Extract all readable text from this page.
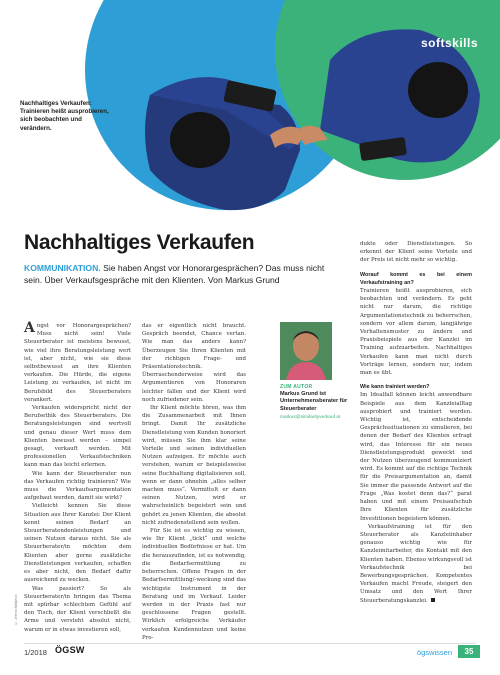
softskills
Nachhaltiges Verkaufen: Trainieren heißt ausprobieren, sich beobachten und verändern.
Nachhaltiges Verkaufen
KOMMUNIKATION. Sie haben Angst vor Honorargesprächen? Das muss nicht sein. Über Verkaufsgespräche mit den Klienten. Von Markus Grund

Angst vor Honorargesprächen? Muss nicht sein! Viele Steuerberater ist meistens bewusst, wie viel ihre Beratungsleistung wert ist, aber nicht, wie sie diese selbstbewusst an ihre Klienten verkaufen. Die Hürde, die eigene Leistung zu verkaufen, ist nicht im Berufsbild des Steuerberaters verankert.

Verkaufen widerspricht nicht der Berufsethik des Steuerberaters. Die Beratungsleistungen sind wertvoll und genau dieser Wert muss dem Klienten bewusst werden – simpel gesagt, verkauft werden. Mit professionellen Verkaufstechniken kann man das leicht erlernen.

Wie kann der Steuerberater nun das Verkaufen richtig trainieren? Wie muss die Verkaufsargumentation aufgebaut werden, damit sie wirkt?

Vielleicht kennen Sie diese Situation aus Ihrer Kanzlei: Der Klient kennt seinen Bedarf an Steuerberatendenleistungen und seinen Nutzen daraus nicht. Sie als Steuerberater/in möchten dem Klienten aber gerne zusätzliche Dienstleistungen verkaufen, schaffen es aber nicht, den Bedarf dafür ausreichend zu wecken.

Was passiert? So als Steuerberater/in bringen das Thema mit spürbar schlechtem Gefühl auf den Tisch, der Klient verschließt die Arme und versteht absolut nicht, warum er in etwas investieren soll,

das er eigentlich nicht braucht. Gespräch beendet, Chance vertan. Wie man das anders kann? Überzeugen Sie Ihren Klienten mit der richtigen Frage- und Präsentationstechnik. Überraschenderweise wird das Argumentieren von Honoraren leichter fallen und der Klient wird noch zufriedener sein.

Ihr Klient möchte hören, was ihm die Zusammenarbeit mit Ihnen bringt. Damit Ihr zusätzliche Dienstleistung vom Kunden honoriert wird, müssen Sie ihm klar seine Vorteile und seinen individuellen Nutzen aufzeigen. Er möchte auch verstehen, warum er beispielsweise seine Buchhaltung digitalisieren soll, wenn er dann ohnehin „alles selber machen muss“. Vermittelt er dann seinen Nutzen, wird er wahrscheinlich begeistert sein und gehört zu jenen Klienten, die absolut nicht zufriedenstellend sein wollen.

Für Sie ist es wichtig zu wissen, wie Ihr Klient „tickt“ und welche individuellen Bedürfnisse er hat. Um die herauszufinden, ist es notwendig, die Bedarfsermittlung zu beherrschen. Offene Fragen in der Bedarfsermittlung/-weckung sind das wichtigste Instrument in der Beratung und im Verkauf. Leider werden in der Praxis fast nur geschlossene Fragen gestellt. Wirklich erfolgreiche Verkäufer verkaufen Kundennutzen und keine Pro-

ZUM AUTOR
Markus Grund ist Unternehmensberater für Steuerberater
markus@similarityverkauf.at

dukte oder Dienstleistungen. So erkennt der Klient seine Vorteile und der Preis ist nicht mehr so wichtig.

Worauf kommt es bei einem Verkaufstraining an?

Trainieren heißt ausprobieren, sich beobachten und verändern. Es geht nicht nur darum, die richtige Argumentationstechnik zu beherrschen, sondern vor allem darum, langjährige Verhaltensmuster zu ändern und Praxisbeispiele aus der Kanzlei im Training aufzuarbeiten. Nachhaltiges Verkaufen kann man nicht durch Vorträge lernen, sondern nur, indem man es übt.

Wie kann trainiert werden?

Im Idealfall können leicht anwendbare Beispiele aus dem Kanzleialltag ausprobiert und trainiert werden. Wichtig ist, entscheidende Gesprächssituationen zu simulieren, bei denen der Bedarf des Klienten erfragt wird, das Interesse für ein neues Dienstleistungsprodukt geweckt und der Nutzen überzeugend kommuniziert wird. Es kommt auf die richtige Technik für die Preisargumentation an, damit Sie immer die passende Antwort auf die Frage „Was kostet denn das?“ parat haben und mit einem Preisaufschub Ihre Klienten für zusätzliche Investitionen begeistern können.

Verkaufstraining ist für den Steuerberater als Kanzleiinhaber genauso wichtig wie für Kanzleimitarbeiter, die Kontakt mit den Klienten haben. Ebenso wirkungsvoll ist Verkaufstechnik bei Bewerbungsgesprächen. Kompetentes Verkaufen macht Freude, steigert den Umsatz und den Wert Ihrer Steuerberatungskanzlei.

© Jelena Matijevic
1/2018 ÖGSW	ögswissen	35
